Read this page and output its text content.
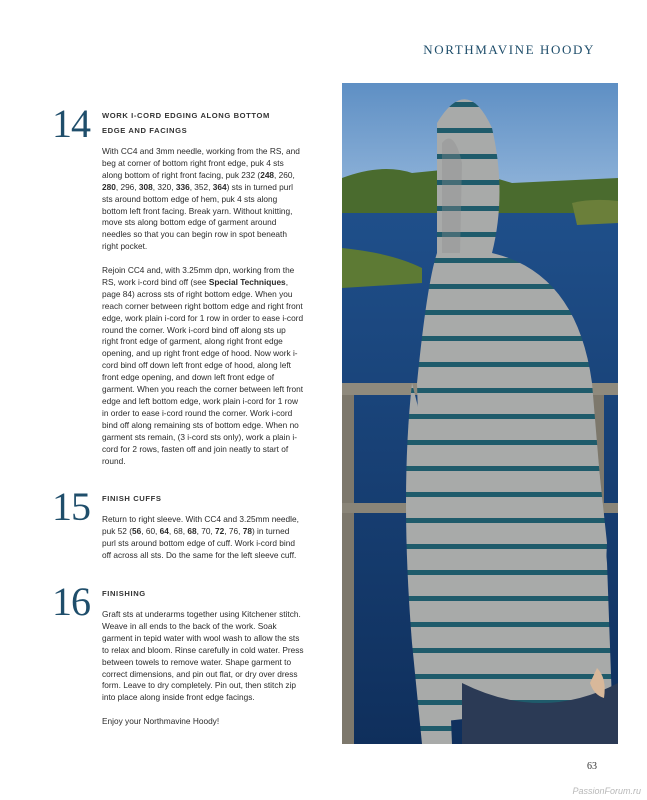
NORTHMAVINE HOODY
14 WORK I-CORD EDGING ALONG BOTTOM
EDGE AND FACINGS

With CC4 and 3mm needle, working from the RS, and beg at corner of bottom right front edge, puk 4 sts along bottom of right front facing, puk 232 (248, 260, 280, 296, 308, 320, 336, 352, 364) sts in turned purl sts around bottom edge of hem, puk 4 sts along bottom left front facing. Break yarn. Without knitting, move sts along bottom edge of garment around needles so that you can begin row in spot beneath right pocket.

Rejoin CC4 and, with 3.25mm dpn, working from the RS, work i-cord bind off (see Special Techniques, page 84) across sts of right bottom edge. When you reach corner between right bottom edge and right front edge, work plain i-cord for 1 row in order to ease i-cord round the corner. Work i-cord bind off along sts up right front edge of garment, along right front edge opening, and up right front edge of hood. Now work i-cord bind off down left front edge of hood, along left front edge opening, and down left front edge of garment. When you reach the corner between left front edge and left bottom edge, work plain i-cord for 1 row in order to ease i-cord round the corner. Work i-cord bind off along remaining sts of bottom edge. When no garment sts remain, (3 i-cord sts only), work a plain i-cord for 2 rows, fasten off and join neatly to start of round.

15 FINISH CUFFS

Return to right sleeve. With CC4 and 3.25mm needle, puk 52 (56, 60, 64, 68, 68, 70, 72, 76, 78) in turned purl sts around bottom edge of cuff. Work i-cord bind off across all sts. Do the same for the left sleeve cuff.

16 FINISHING

Graft sts at underarms together using Kitchener stitch. Weave in all ends to the back of the work. Soak garment in tepid water with wool wash to allow the sts to relax and bloom. Rinse carefully in cold water. Press between towels to remove water. Shape garment to correct dimensions, and pin out flat, or dry over dress form. Leave to dry completely. Pin out, then stitch zip into place along inside front edge facings.

Enjoy your Northmavine Hoody!

63
PassionForum.ru
